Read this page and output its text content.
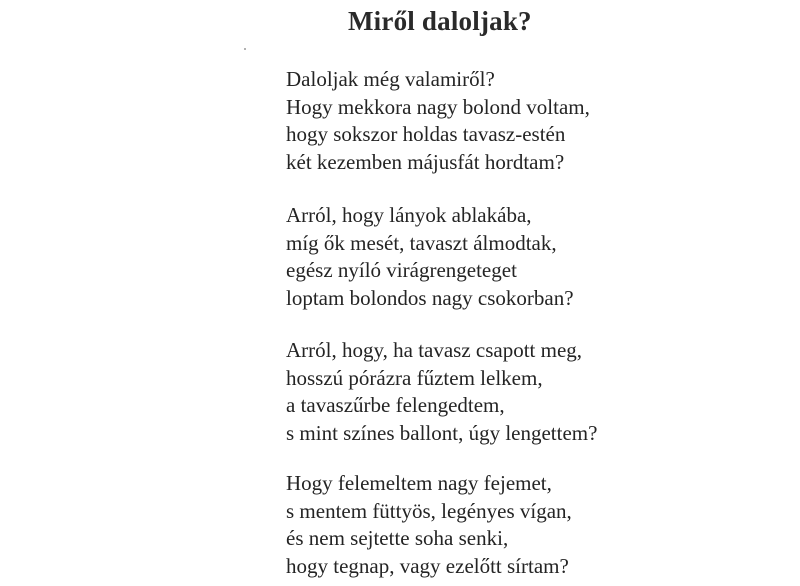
Miről daloljak?
Daloljak még valamiről?
Hogy mekkora nagy bolond voltam,
hogy sokszor holdas tavasz-estén
két kezemben májusfát hordtam?
Arról, hogy lányok ablakába,
míg ők mesét, tavaszt álmodtak,
egész nyíló virágrengeteget
loptam bolondos nagy csokorban?
Arról, hogy, ha tavasz csapott meg,
hosszú pórázra fűztem lelkem,
a tavaszűrbe felengedtem,
s mint színes ballont, úgy lengettem?
Hogy felemeltem nagy fejemet,
s mentem füttyös, legényes vígan,
és nem sejtette soha senki,
hogy tegnap, vagy ezelőtt sírtam?
